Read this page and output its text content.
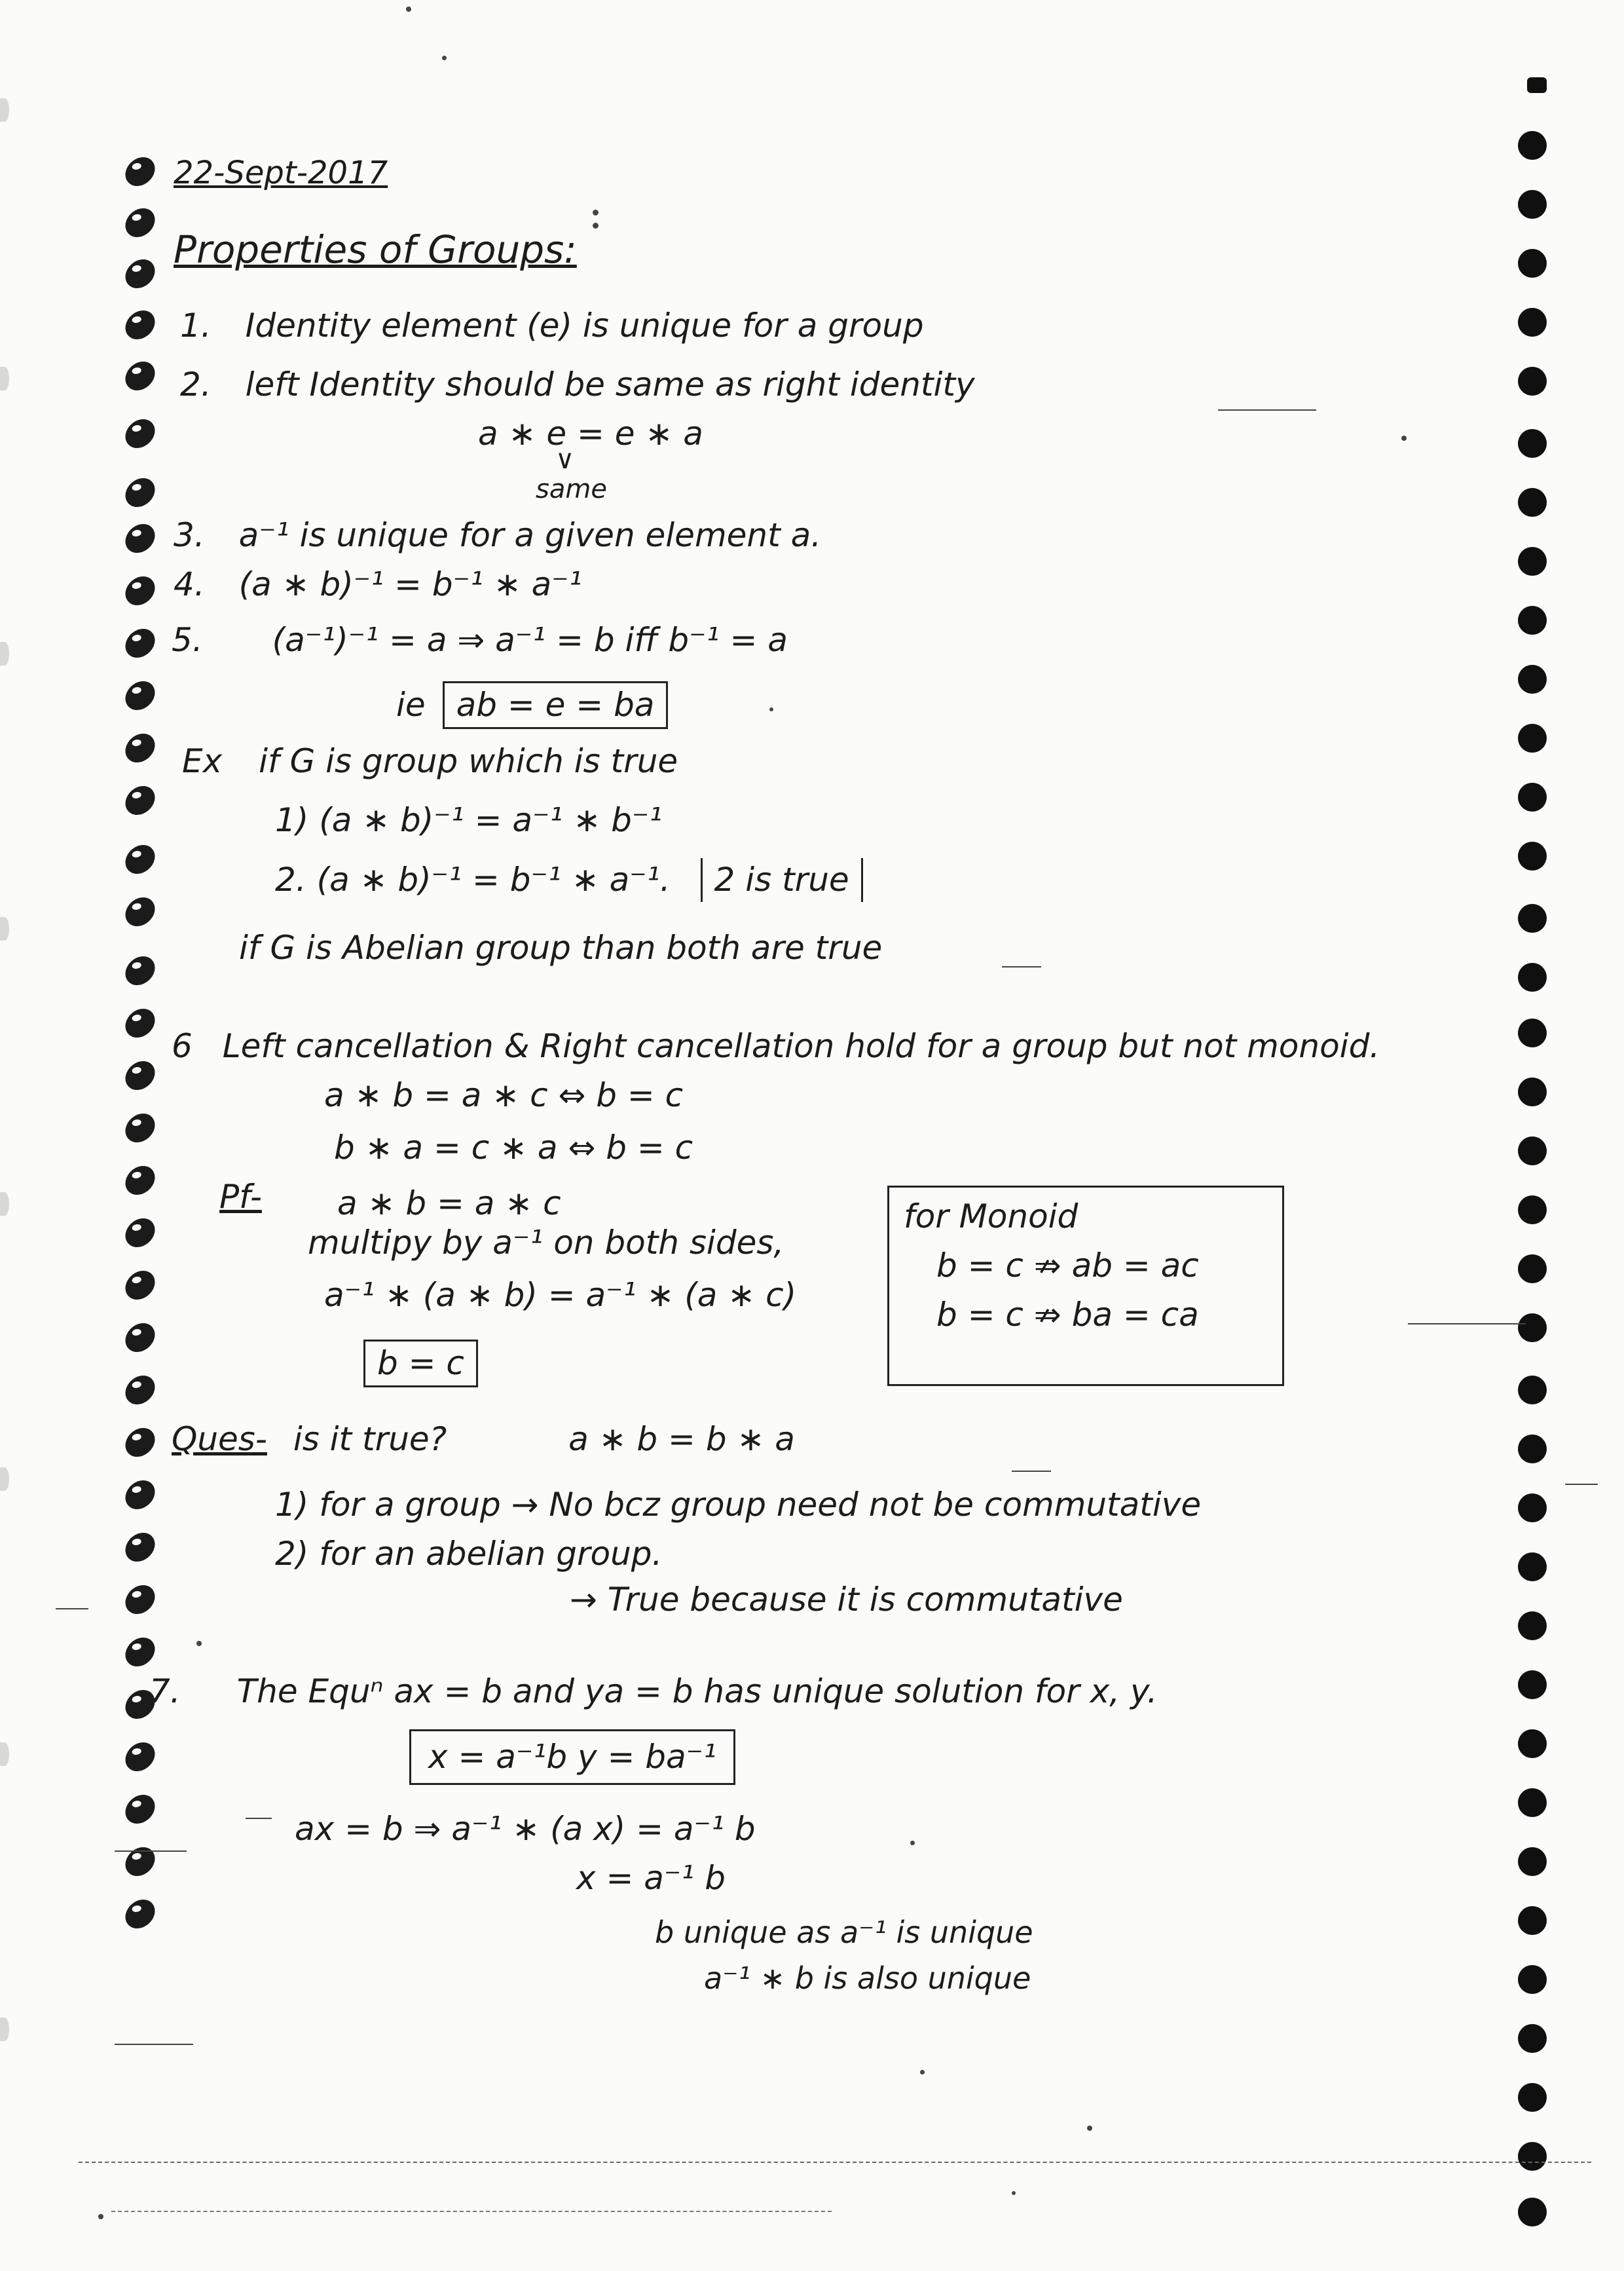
22-Sept-2017
Properties of Groups:
1. Identity element (e) is unique for a group
2. left Identity should be same as right identity
a ∗ e = e ∗ a
∨
same
3. a⁻¹ is unique for a given element a.
4. (a ∗ b)⁻¹ = b⁻¹ ∗ a⁻¹
5. (a⁻¹)⁻¹ = a ⇒ a⁻¹ = b iff b⁻¹ = a
ie ab = e = ba
Ex if G is group which is true
1) (a ∗ b)⁻¹ = a⁻¹ ∗ b⁻¹
2. (a ∗ b)⁻¹ = b⁻¹ ∗ a⁻¹. 2 is true
if G is Abelian group than both are true
6 Left cancellation & Right cancellation hold for a group but not monoid.
a ∗ b = a ∗ c ⇔ b = c
b ∗ a = c ∗ a ⇔ b = c
Pf- a ∗ b = a ∗ c
multipy by a⁻¹ on both sides,
a⁻¹ ∗ (a ∗ b) = a⁻¹ ∗ (a ∗ c)
b = c
for Monoid
b = c ⇏ ab = ac
b = c ⇏ ba = ca
Ques- is it true?	a ∗ b = b ∗ a
1) for a group → No bcz group need not be commutative
2) for an abelian group.
→ True because it is commutative
7. The Equⁿ ax = b and ya = b has unique solution for x, y.
x = a⁻¹b y = ba⁻¹
ax = b ⇒ a⁻¹ ∗ (a x) = a⁻¹ b
x = a⁻¹ b
b unique as a⁻¹ is unique
a⁻¹ ∗ b is also unique
